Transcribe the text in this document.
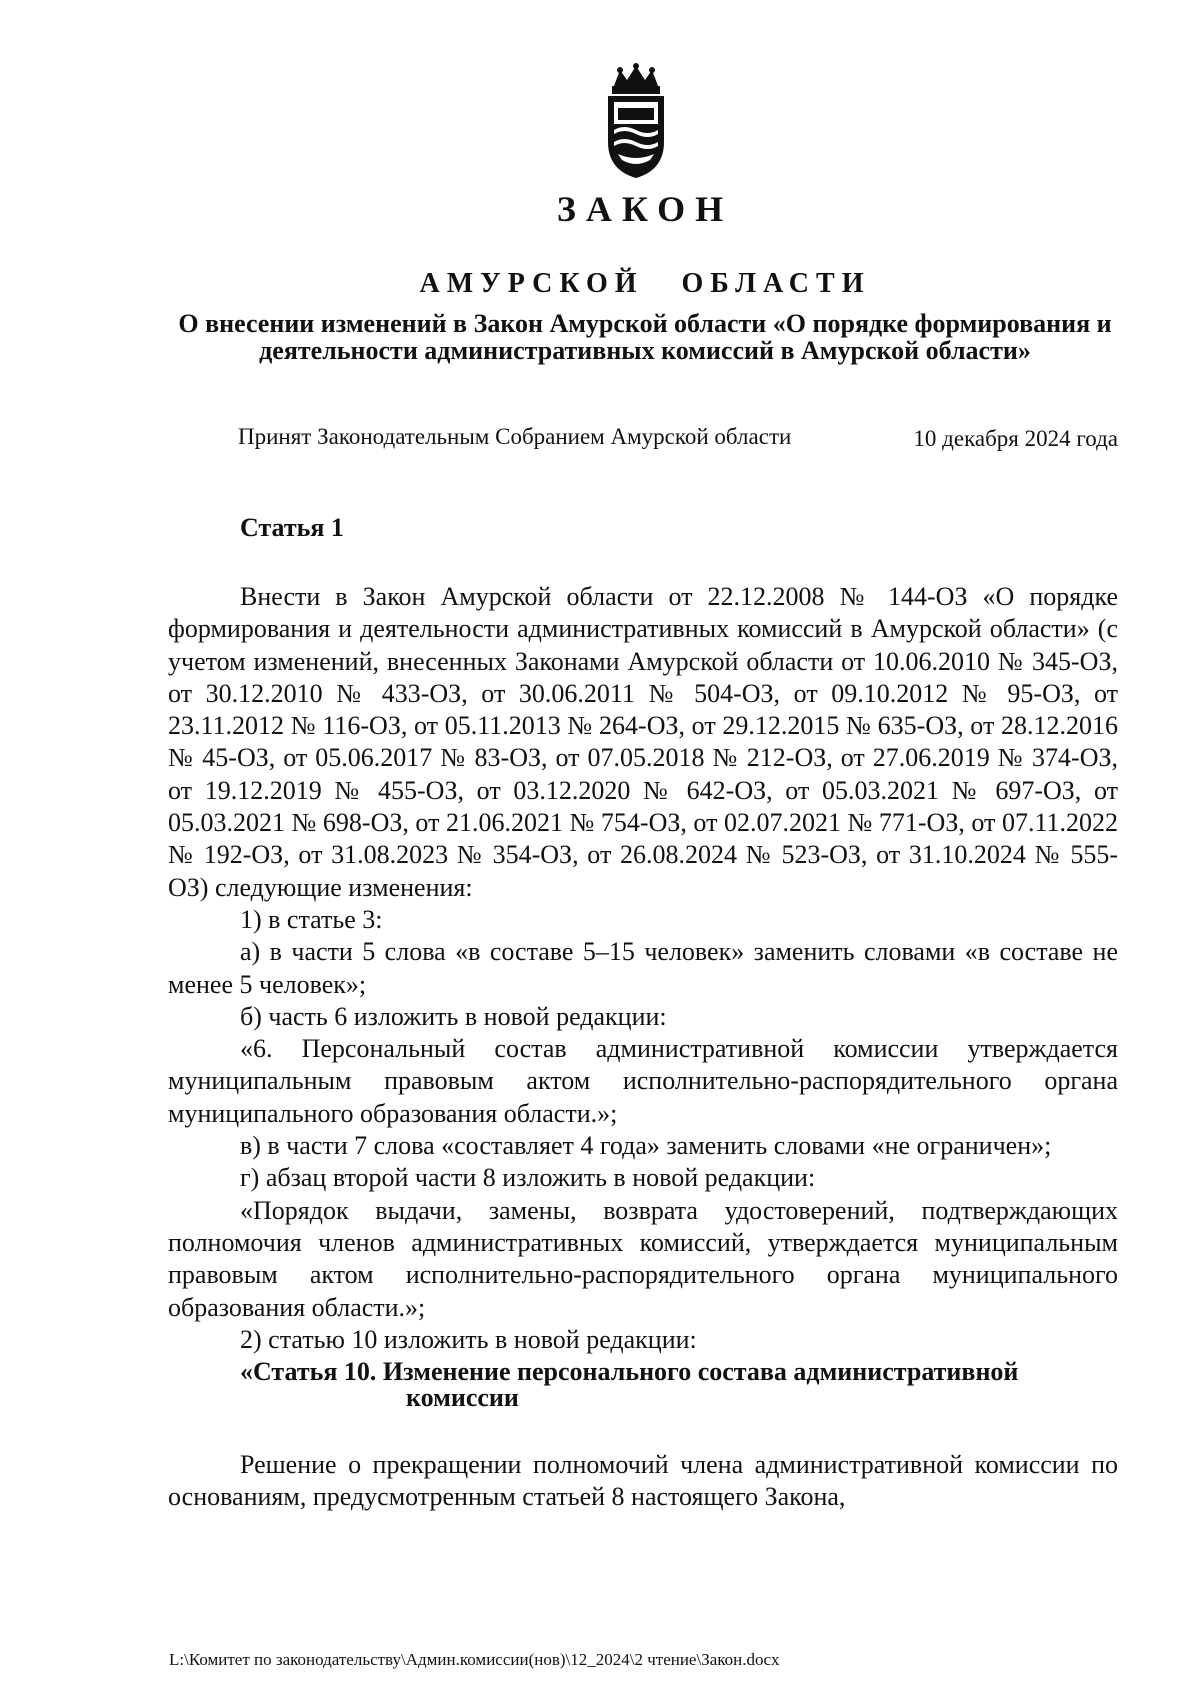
ЗАКОН
АМУРСКОЙ ОБЛАСТИ
О внесении изменений в Закон Амурской области «О порядке формирования и деятельности административных комиссий в Амурской области»
Принят Законодательным Собранием Амурской области	10 декабря 2024 года
Статья 1

Внести в Закон Амурской области от 22.12.2008 № 144-ОЗ «О порядке формирования и деятельности административных комиссий в Амурской области» (с учетом изменений, внесенных Законами Амурской области от 10.06.2010 № 345-ОЗ, от 30.12.2010 № 433-ОЗ, от 30.06.2011 № 504-ОЗ, от 09.10.2012 № 95-ОЗ, от 23.11.2012 № 116-ОЗ, от 05.11.2013 № 264-ОЗ, от 29.12.2015 № 635-ОЗ, от 28.12.2016 № 45-ОЗ, от 05.06.2017 № 83-ОЗ, от 07.05.2018 № 212-ОЗ, от 27.06.2019 № 374-ОЗ, от 19.12.2019 № 455-ОЗ, от 03.12.2020 № 642-ОЗ, от 05.03.2021 № 697-ОЗ, от 05.03.2021 № 698-ОЗ, от 21.06.2021 № 754-ОЗ, от 02.07.2021 № 771-ОЗ, от 07.11.2022 № 192-ОЗ, от 31.08.2023 № 354-ОЗ, от 26.08.2024 № 523-ОЗ, от 31.10.2024 № 555-ОЗ) следующие изменения:

1) в статье 3:

а) в части 5 слова «в составе 5–15 человек» заменить словами «в составе не менее 5 человек»;

б) часть 6 изложить в новой редакции:

«6. Персональный состав административной комиссии утверждается муниципальным правовым актом исполнительно-распорядительного органа муниципального образования области.»;

в) в части 7 слова «составляет 4 года» заменить словами «не ограничен»;

г) абзац второй части 8 изложить в новой редакции:

«Порядок выдачи, замены, возврата удостоверений, подтверждающих полномочия членов административных комиссий, утверждается муниципальным правовым актом исполнительно-распорядительного органа муниципального образования области.»;

2) статью 10 изложить в новой редакции:

«Статья 10. Изменение персонального состава административной

комиссии

Решение о прекращении полномочий члена административной комиссии по основаниям, предусмотренным статьей 8 настоящего Закона,

L:\Комитет по законодательству\Админ.комиссии(нов)\12_2024\2 чтение\Закон.docx
